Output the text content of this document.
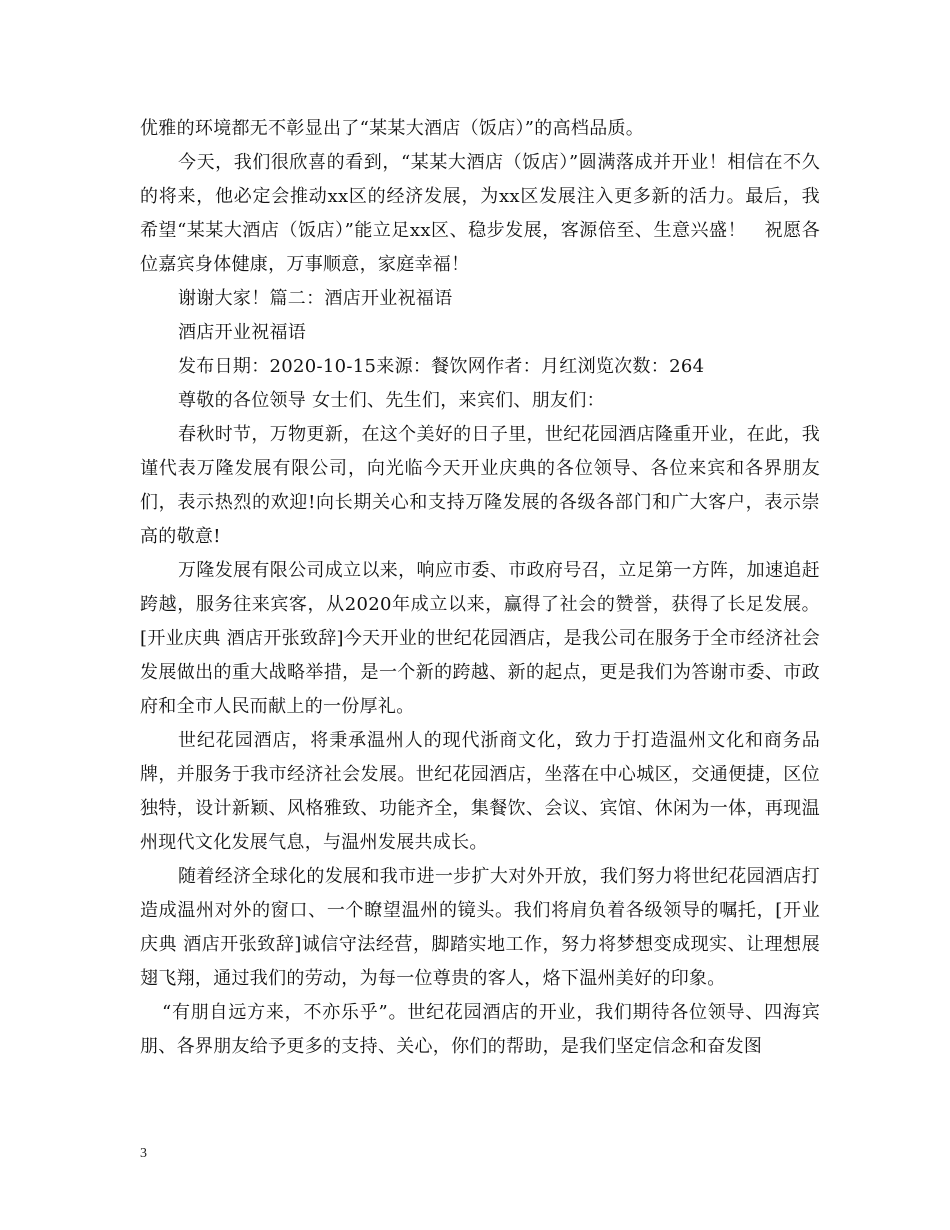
优雅的环境都无不彰显出了“某某大酒店（饭店）”的高档品质。

今天，我们很欣喜的看到，“某某大酒店（饭店）”圆满落成并开业！相信在不久的将来，他必定会推动xx区的经济发展，为xx区发展注入更多新的活力。最后，我希望“某某大酒店（饭店）”能立足xx区、稳步发展，客源倍至、生意兴盛！　祝愿各位嘉宾身体健康，万事顺意，家庭幸福！

谢谢大家！篇二：酒店开业祝福语

酒店开业祝福语

发布日期：2020-10-15来源：餐饮网作者：月红浏览次数：264

尊敬的各位领导 女士们、先生们，来宾们、朋友们：

春秋时节，万物更新，在这个美好的日子里，世纪花园酒店隆重开业，在此，我谨代表万隆发展有限公司，向光临今天开业庆典的各位领导、各位来宾和各界朋友们，表示热烈的欢迎!向长期关心和支持万隆发展的各级各部门和广大客户，表示崇高的敬意!

万隆发展有限公司成立以来，响应市委、市政府号召，立足第一方阵，加速追赶跨越，服务往来宾客，从2020年成立以来，赢得了社会的赞誉，获得了长足发展。[开业庆典 酒店开张致辞]今天开业的世纪花园酒店，是我公司在服务于全市经济社会发展做出的重大战略举措，是一个新的跨越、新的起点，更是我们为答谢市委、市政府和全市人民而献上的一份厚礼。

世纪花园酒店，将秉承温州人的现代浙商文化，致力于打造温州文化和商务品牌，并服务于我市经济社会发展。世纪花园酒店，坐落在中心城区，交通便捷，区位独特，设计新颖、风格雅致、功能齐全，集餐饮、会议、宾馆、休闲为一体，再现温州现代文化发展气息，与温州发展共成长。

随着经济全球化的发展和我市进一步扩大对外开放，我们努力将世纪花园酒店打造成温州对外的窗口、一个瞭望温州的镜头。我们将肩负着各级领导的嘱托，[开业庆典 酒店开张致辞]诚信守法经营，脚踏实地工作，努力将梦想变成现实、让理想展翅飞翔，通过我们的劳动，为每一位尊贵的客人，烙下温州美好的印象。

“有朋自远方来，不亦乐乎”。世纪花园酒店的开业，我们期待各位领导、四海宾朋、各界朋友给予更多的支持、关心，你们的帮助，是我们坚定信念和奋发图

3
